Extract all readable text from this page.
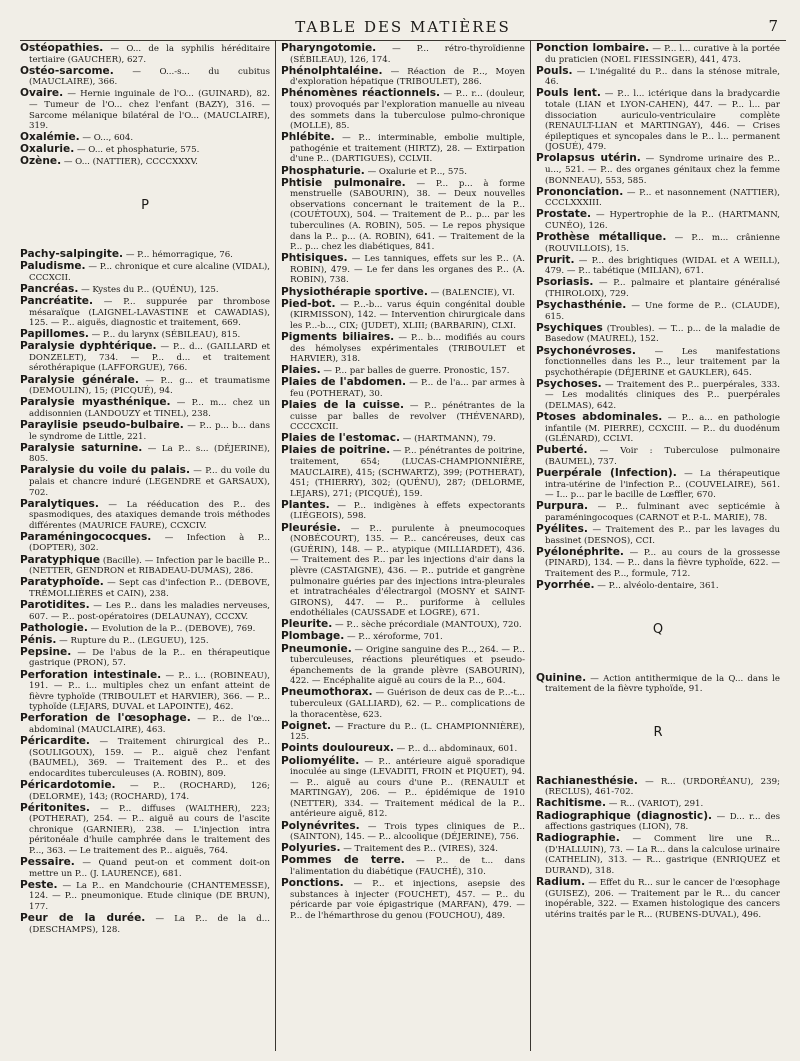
TABLE DES MATIÈRES	7

Ostéopathies. — O... de la syphilis héréditaire tertiaire (GAUCHER), 627.

Ostéo-sarcome. — O...-s... du cubitus (MAUCLAIRE), 366.

Ovaire. — Hernie inguinale de l'O... (GUINARD), 82. — Tumeur de l'O... chez l'enfant (BAZY), 316. — Sarcome mélanique bilatéral de l'O... (MAUCLAIRE), 319.

Oxalémie. — O..., 604.

Oxalurie. — O... et phosphaturie, 575.

Ozène. — O... (NATTIER), CCCCXXXV.

P

Pachy-salpingite. — P... hémorragique, 76.

Paludisme. — P... chronique et cure alcaline (VIDAL), CCCXCII.

Pancréas. — Kystes du P... (QUÉNU), 125.

Pancréatite. — P... suppurée par thrombose mésaraïque (LAIGNEL-LAVASTINE et CAWADIAS), 125. — P... aiguës, diagnostic et traitement, 669.

Papillomes. — P... du larynx (SÉBILEAU), 815.

Paralysie dyphtérique. — P... d... (GAILLARD et DONZELET), 734. — P... d... et traitement sérothérapique (LAFFORGUE), 766.

Paralysie générale. — P... g... et traumatisme (DEMOULIN), 15; (PICQUÉ), 94.

Paralysie myasthénique. — P... m... chez un addisonnien (LANDOUZY et TINEL), 238.

Paraylisie pseudo-bulbaire. — P... p... b... dans le syndrome de Little, 221.

Paralysie saturnine. — La P... s... (DÉJERINE), 805.

Paralysie du voile du palais. — P... du voile du palais et chancre induré (LEGENDRE et GARSAUX), 702.

Paralytiques. — La rééducation des P... des spasmodiques, des ataxiques demande trois méthodes différentes (MAURICE FAURE), CCXCIV.

Paraméningococques. — Infection à P... (DOPTER), 302.

Paratyphique (Bacille). — Infection par le bacille P... (NETTER, GENDRON et RIBADEAU-DUMAS), 286.

Paratyphoïde. — Sept cas d'infection P... (DEBOVE, TRÉMOLLIÈRES et CAIN), 238.

Parotidites. — Les P... dans les maladies nerveuses, 607. — P... post-opératoires (DELAUNAY), CCCXV.

Pathologie. — Evolution de la P... (DEBOVE), 769.

Pénis. — Rupture du P... (LEGUEU), 125.

Pepsine. — De l'abus de la P... en thérapeutique gastrique (PRON), 57.

Perforation intestinale. — P... i... (ROBINEAU), 191. — P... i... multiples chez un enfant atteint de fièvre typhoïde (TRIBOULET et HARVIER), 366. — P... typhoïde (LEJARS, DUVAL et LAPOINTE), 462.

Perforation de l'œsophage. — P... de l'œ... abdominal (MAUCLAIRE), 463.

Péricardite. — Traitement chirurgical des P... (SOULIGOUX), 159. — P... aiguë chez l'enfant (BAUMEL), 369. — Traitement des P... et des endocardites tuberculeuses (A. ROBIN), 809.

Péricardotomie. — P... (ROCHARD), 126; (DELORME), 143; (ROCHARD), 174.

Péritonites. — P... diffuses (WALTHER), 223; (POTHERAT), 254. — P... aiguë au cours de l'ascite chronique (GARNIER), 238. — L'injection intra péritonéale d'huile camphrée dans le traitement des P..., 363. — Le traitement des P... aiguës, 764.

Pessaire. — Quand peut-on et comment doit-on mettre un P... (J. LAURENCE), 681.

Peste. — La P... en Mandchourie (CHANTEMESSE), 124. — P... pneumonique. Etude clinique (DE BRUN), 177.

Peur de la durée. — La P... de la d... (DESCHAMPS), 128.

Pharyngotomie. — P... rétro-thyroïdienne (SÉBILEAU), 126, 174.

Phénolphtaléine. — Réaction de P..., Moyen d'exploration hépatique (TRIBOULET), 286.

Phénomènes réactionnels. — P... r... (douleur, toux) provoqués par l'exploration manuelle au niveau des sommets dans la tuberculose pulmo-chronique (MOLLE), 85.

Phlébite. — P... interminable, embolie multiple, pathogénie et traitement (HIRTZ), 28. — Extirpation d'une P... (DARTIGUES), CCLVII.

Phosphaturie. — Oxalurie et P..., 575.

Phtisie pulmonaire. — P... p... à forme menstruelle (SABOURIN), 38. — Deux nouvelles observations concernant le traitement de la P... (COUÉTOUX), 504. — Traitement de P... p... par les tuberculines (A. ROBIN), 505. — Le repos physique dans la P... p... (A. ROBIN), 641. — Traitement de la P... p... chez les diabétiques, 841.

Phtisiques. — Les tanniques, effets sur les P... (A. ROBIN), 479. — Le fer dans les organes des P... (A. ROBIN), 738.

Physiothérapie sportive. — (BALENCIE), VI.

Pied-bot. — P...-b... varus équin congénital double (KIRMISSON), 142. — Intervention chirurgicale dans les P...-b..., CIX; (JUDET), XLIII; (BARBARIN), CLXI.

Pigments biliaires. — P... b... modifiés au cours des hémolyses expérimentales (TRIBOULET et HARVIER), 318.

Plaies. — P... par balles de guerre. Pronostic, 157.

Plaies de l'abdomen. — P... de l'a... par armes à feu (POTHERAT), 30.

Plaies de la cuisse. — P... pénétrantes de la cuisse par balles de revolver (THÉVENARD), CCCCXCII.

Plaies de l'estomac. — (HARTMANN), 79.

Plaies de poitrine. — P... pénétrantes de poitrine, traitement, 654; (LUCAS-CHAMPIONNIÈRE, MAUCLAIRE), 415; (SCHWARTZ), 399; (POTHERAT), 451; (THIERRY), 302; (QUÉNU), 287; (DELORME, LEJARS), 271; (PICQUÉ), 159.

Plantes. — P... indigènes à effets expectorants (LIÉGEOIS), 598.

Pleurésie. — P... purulente à pneumocoques (NOBÉCOURT), 135. — P... cancéreuses, deux cas (GUÉRIN), 148. — P... atypique (MILLIARDET), 436. — Traitement des P... par les injections d'air dans la plèvre (CASTAIGNE), 436. — P... putride et gangrène pulmonaire guéries par des injections intra-pleurales et intratrachéales d'électrargol (MOSNY et SAINT-GIRONS), 447. — P... puriforme à cellules endothéliales (CAUSSADE et LOGRE), 671.

Pleurite. — P... sèche précordiale (MANTOUX), 720.

Plombage. — P... xéroforme, 701.

Pneumonie. — Origine sanguine des P..., 264. — P... tuberculeuses, réactions pleurétiques et pseudo-épanchements de la grande plèvre (SABOURIN), 422. — Encéphalite aiguë au cours de la P..., 604.

Pneumothorax. — Guérison de deux cas de P...-t... tuberculeux (GALLIARD), 62. — P... complications de la thoracentèse, 623.

Poignet. — Fracture du P... (L. CHAMPIONNIÈRE), 125.

Points douloureux. — P... d... abdominaux, 601.

Poliomyélite. — P... antérieure aiguë sporadique inoculée au singe (LEVADITI, FROIN et PIQUET), 94. — P... aiguë au cours d'une P... (RENAULT et MARTINGAY), 206. — P... épidémique de 1910 (NETTER), 334. — Traitement médical de la P... antérieure aiguë, 812.

Polynévrites. — Trois types cliniques de P... (SAINTON), 145. — P... alcoolique (DÉJERINE), 756.

Polyuries. — Traitement des P... (VIRES), 324.

Pommes de terre. — P... de t... dans l'alimentation du diabétique (FAUCHÉ), 310.

Ponctions. — P... et injections, asepsie des substances à injecter (FOUCHET), 457. — P... du péricarde par voie épigastrique (MARFAN), 479. — P... de l'hémarthrose du genou (FOUCHOU), 489.

Ponction lombaire. — P... l... curative à la portée du praticien (NOEL FIESSINGER), 441, 473.

Pouls. — L'inégalité du P... dans la sténose mitrale, 46.

Pouls lent. — P... l... ictérique dans la bradycardie totale (LIAN et LYON-CAHEN), 447. — P... l... par dissociation auriculo-ventriculaire complète (RENAULT-LIAN et MARTINGAY), 446. — Crises épileptiques et syncopales dans le P... l... permanent (JOSUÉ), 479.

Prolapsus utérin. — Syndrome urinaire des P... u..., 521. — P... des organes génitaux chez la femme (BONNEAU), 553, 585.

Prononciation. — P... et nasonnement (NATTIER), CCCLXXXIII.

Prostate. — Hypertrophie de la P... (HARTMANN, CUNÉO), 126.

Prothèse métallique. — P... m... crânienne (ROUVILLOIS), 15.

Prurit. — P... des brightiques (WIDAL et A WEILL), 479. — P... tabétique (MILIAN), 671.

Psoriasis. — P... palmaire et plantaire généralisé (THIROLOIX), 729.

Psychasthénie. — Une forme de P... (CLAUDE), 615.

Psychiques (Troubles). — T... p... de la maladie de Basedow (MAUREL), 152.

Psychonévroses. — Les manifestations fonctionnelles dans les P..., leur traitement par la psychothérapie (DÉJERINE et GAUKLER), 645.

Psychoses. — Traitement des P... puerpérales, 333. — Les modalités cliniques des P... puerpérales (DELMAS), 642.

Ptoses abdominales. — P... a... en pathologie infantile (M. PIERRE), CCXCIII. — P... du duodénum (GLÉNARD), CCLVI.

Puberté. — Voir : Tuberculose pulmonaire (BAUMEL), 737.

Puerpérale (Infection). — La thérapeutique intra-utérine de l'infection P... (COUVELAIRE), 561. — I... p... par le bacille de Lœffler, 670.

Purpura. — P... fulminant avec septicémie à paraméningocoques (CARNOT et P.-L. MARIE), 78.

Pyélites. — Traitement des P... par les lavages du bassinet (DESNOS), CCI.

Pyélonéphrite. — P... au cours de la grossesse (PINARD), 134. — P... dans la fièvre typhoïde, 622. — Traitement des P..., formule, 712.

Pyorrhée. — P... alvéolo-dentaire, 361.

Q

Quinine. — Action antithermique de la Q... dans le traitement de la fièvre typhoïde, 91.

R

Rachianesthésie. — R... (URDORÉANU), 239; (RECLUS), 461-702.

Rachitisme. — R... (VARIOT), 291.

Radiographique (diagnostic). — D... r... des affections gastriques (LION), 78.

Radiographie. — Comment lire une R... (D'HALLUIN), 73. — La R... dans la calculose urinaire (CATHELIN), 313. — R... gastrique (ENRIQUEZ et DURAND), 318.

Radium. — Effet du R... sur le cancer de l'œsophage (GUISEZ), 206. — Traitement par le R... du cancer inopérable, 322. — Examen histologique des cancers utérins traités par le R... (RUBENS-DUVAL), 496.
